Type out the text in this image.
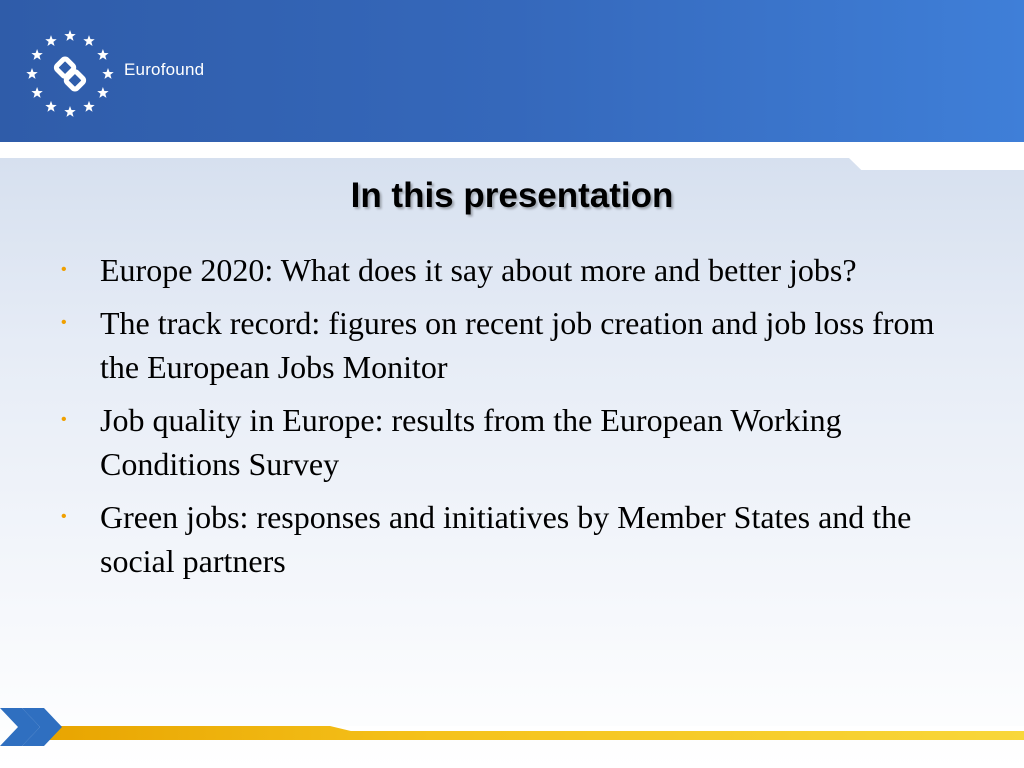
Eurofound
In this presentation
• Europe 2020: What does it say about more and better jobs?
• The track record: figures on recent job creation and job loss from the European Jobs Monitor
• Job quality in Europe: results from the European Working Conditions Survey
• Green jobs: responses and initiatives by Member States and the social partners
